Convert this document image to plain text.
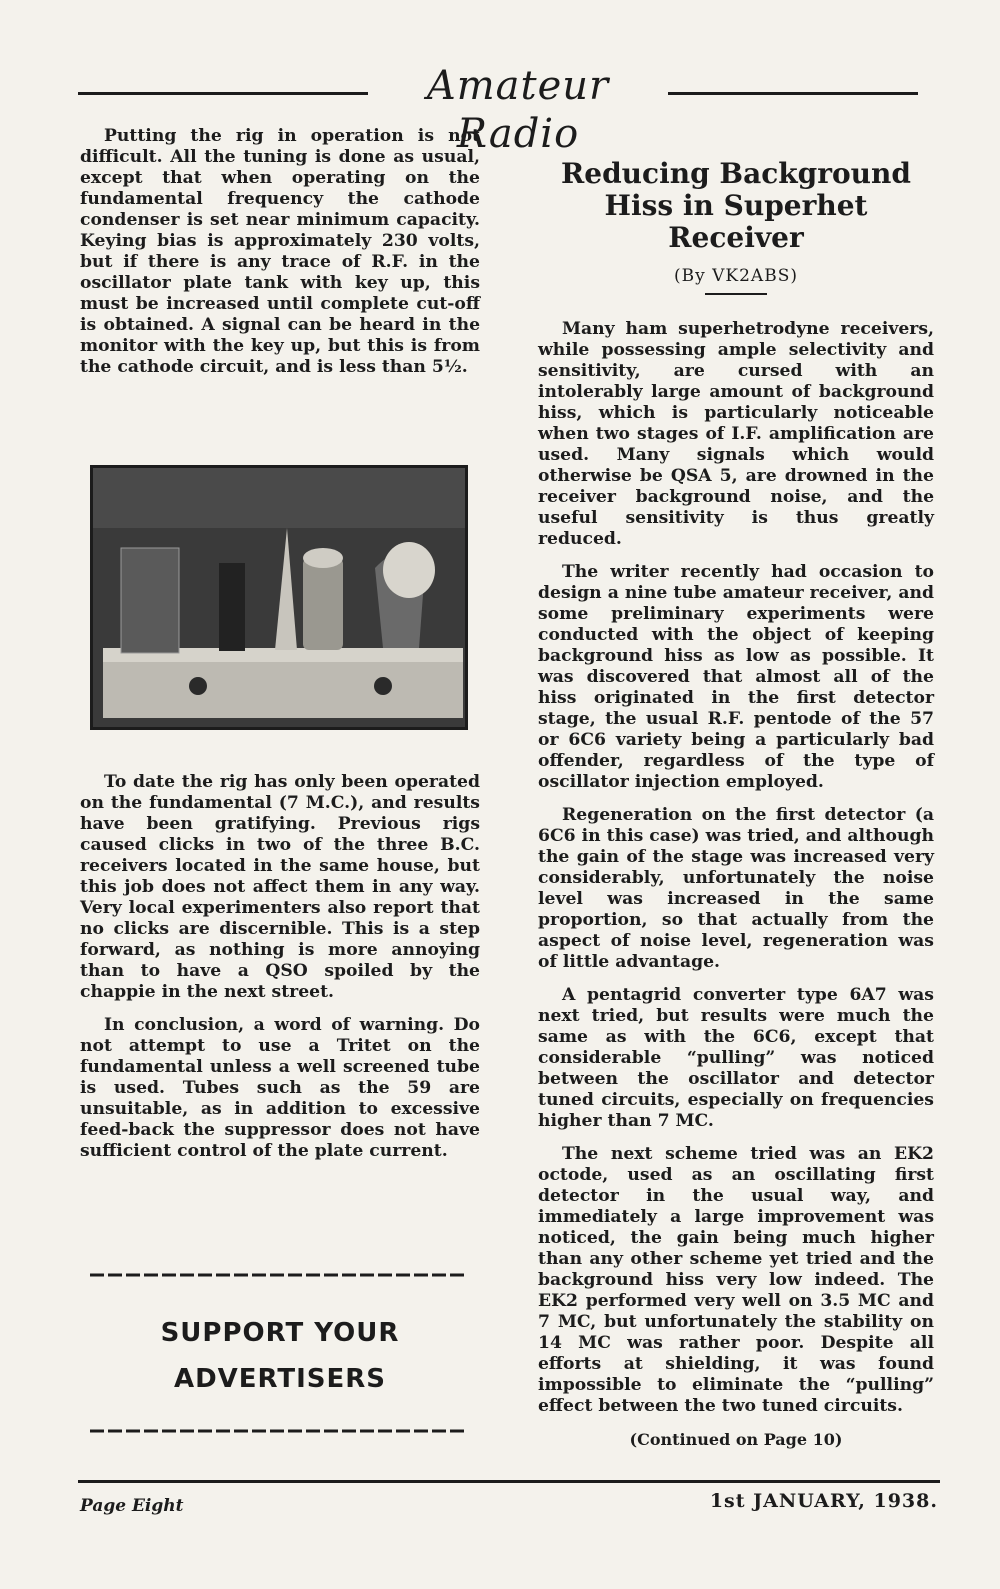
Amateur Radio

Putting the rig in operation is not difficult. All the tuning is done as usual, except that when operating on the fundamental frequency the cathode condenser is set near minimum capacity. Keying bias is approximately 230 volts, but if there is any trace of R.F. in the oscillator plate tank with key up, this must be increased until complete cut-off is obtained. A signal can be heard in the monitor with the key up, but this is from the cathode circuit, and is less than 5½.

To date the rig has only been operated on the fundamental (7 M.C.), and results have been gratifying. Previous rigs caused clicks in two of the three B.C. receivers located in the same house, but this job does not affect them in any way. Very local experimenters also report that no clicks are discernible. This is a step forward, as nothing is more annoying than to have a QSO spoiled by the chappie in the next street.

In conclusion, a word of warning. Do not attempt to use a Tritet on the fundamental unless a well screened tube is used. Tubes such as the 59 are unsuitable, as in addition to excessive feed-back the suppressor does not have sufficient control of the plate current.

SUPPORT YOUR
ADVERTISERS
Reducing Background Hiss in Superhet Receiver
(By VK2ABS)

Many ham superhetrodyne receivers, while possessing ample selectivity and sensitivity, are cursed with an intolerably large amount of background hiss, which is particularly noticeable when two stages of I.F. amplification are used. Many signals which would otherwise be QSA 5, are drowned in the receiver background noise, and the useful sensitivity is thus greatly reduced.

The writer recently had occasion to design a nine tube amateur receiver, and some preliminary experiments were conducted with the object of keeping background hiss as low as possible. It was discovered that almost all of the hiss originated in the first detector stage, the usual R.F. pentode of the 57 or 6C6 variety being a particularly bad offender, regardless of the type of oscillator injection employed.

Regeneration on the first detector (a 6C6 in this case) was tried, and although the gain of the stage was increased very considerably, unfortunately the noise level was increased in the same proportion, so that actually from the aspect of noise level, regeneration was of little advantage.

A pentagrid converter type 6A7 was next tried, but results were much the same as with the 6C6, except that considerable “pulling” was noticed between the oscillator and detector tuned circuits, especially on frequencies higher than 7 MC.

The next scheme tried was an EK2 octode, used as an oscillating first detector in the usual way, and immediately a large improvement was noticed, the gain being much higher than any other scheme yet tried and the background hiss very low indeed. The EK2 performed very well on 3.5 MC and 7 MC, but unfortunately the stability on 14 MC was rather poor. Despite all efforts at shielding, it was found impossible to eliminate the “pulling” effect between the two tuned circuits.

(Continued on Page 10)
Page Eight	1st JANUARY, 1938.
